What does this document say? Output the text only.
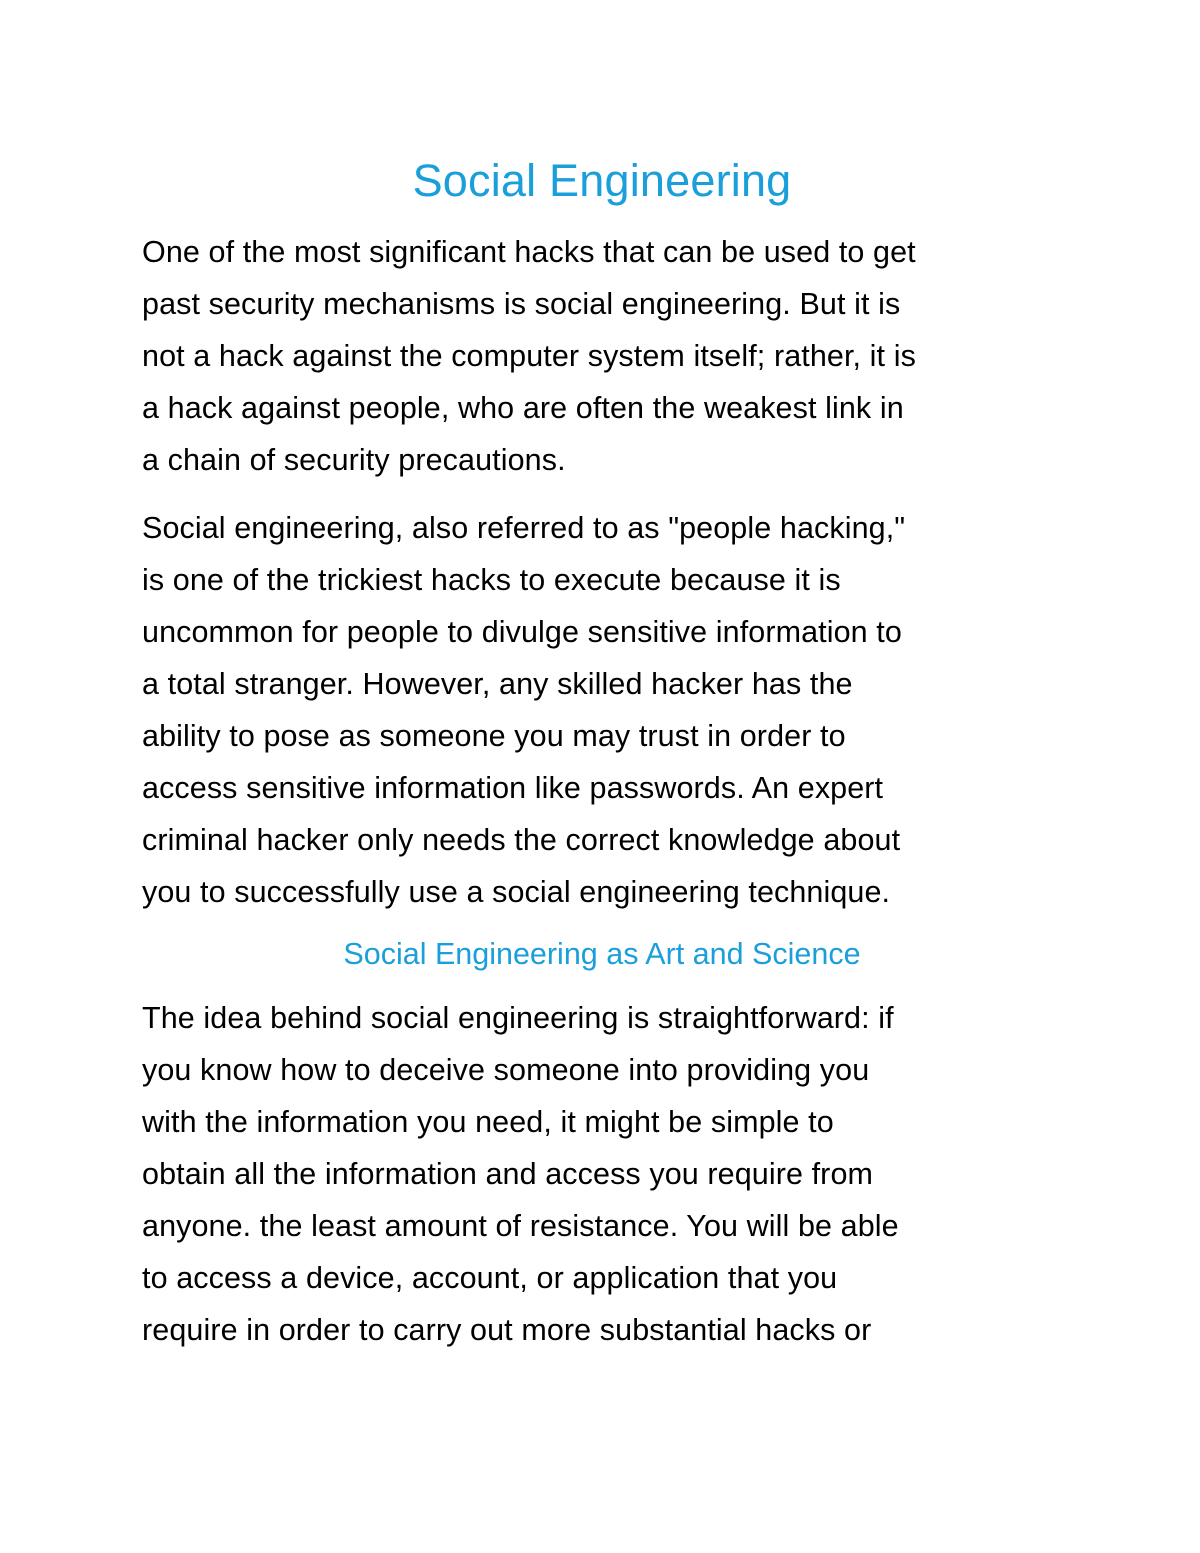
Social Engineering

One of the most significant hacks that can be used to get
past security mechanisms is social engineering. But it is
not a hack against the computer system itself; rather, it is
a hack against people, who are often the weakest link in
a chain of security precautions.

Social engineering, also referred to as "people hacking,"
is one of the trickiest hacks to execute because it is
uncommon for people to divulge sensitive information to
a total stranger. However, any skilled hacker has the
ability to pose as someone you may trust in order to
access sensitive information like passwords. An expert
criminal hacker only needs the correct knowledge about
you to successfully use a social engineering technique.

Social Engineering as Art and Science

The idea behind social engineering is straightforward: if
you know how to deceive someone into providing you
with the information you need, it might be simple to
obtain all the information and access you require from
anyone. the least amount of resistance. You will be able
to access a device, account, or application that you
require in order to carry out more substantial hacks or
